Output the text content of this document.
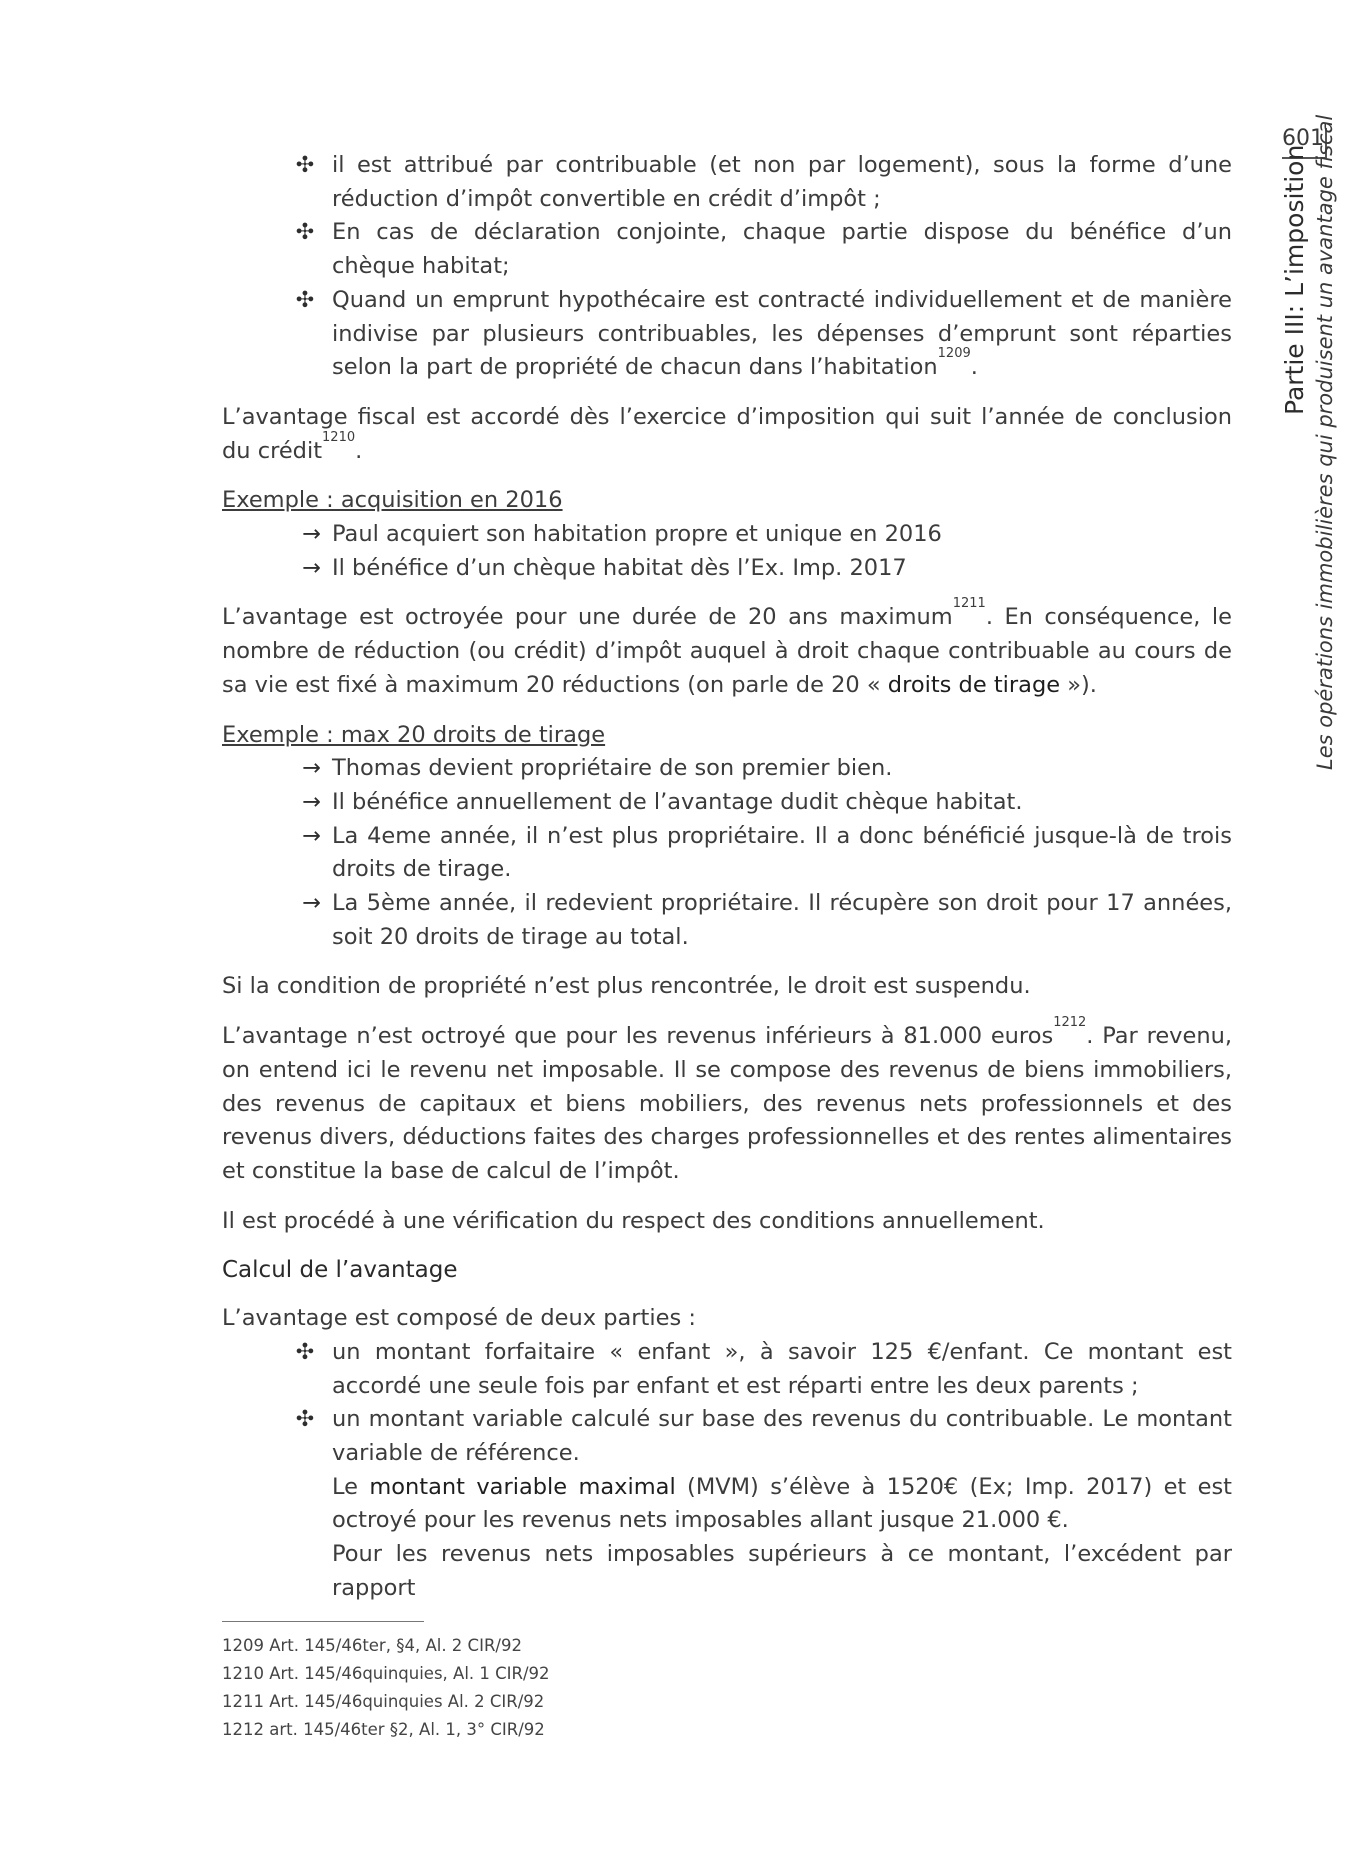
601
Partie III: L’imposition Les opérations immobilières qui produisent un avantage fiscal
✣ il est attribué par contribuable (et non par logement), sous la forme d’une réduction d’impôt convertible en crédit d’impôt ;
✣ En cas de déclaration conjointe, chaque partie dispose du bénéfice d’un chèque habitat;
✣ Quand un emprunt hypothécaire est contracté individuellement et de manière indivise par plusieurs contribuables, les dépenses d’emprunt sont réparties selon la part de propriété de chacun dans l’habitation$^{1209}$.

L’avantage fiscal est accordé dès l’exercice d’imposition qui suit l’année de conclusion du crédit$^{1210}$.

Exemple : acquisition en 2016

→ Paul acquiert son habitation propre et unique en 2016
→ Il bénéfice d’un chèque habitat dès l’Ex. Imp. 2017

L’avantage est octroyée pour une durée de 20 ans maximum$^{1211}$. En conséquence, le nombre de réduction (ou crédit) d’impôt auquel à droit chaque contribuable au cours de sa vie est fixé à maximum 20 réductions (on parle de 20 « droits de tirage »).

Exemple : max 20 droits de tirage

→ Thomas devient propriétaire de son premier bien.
→ Il bénéfice annuellement de l’avantage dudit chèque habitat.
→ La 4eme année, il n’est plus propriétaire. Il a donc bénéficié jusque-là de trois droits de tirage.
→ La 5ème année, il redevient propriétaire. Il récupère son droit pour 17 années, soit 20 droits de tirage au total.

Si la condition de propriété n’est plus rencontrée, le droit est suspendu.

L’avantage n’est octroyé que pour les revenus inférieurs à 81.000 euros$^{1212}$. Par revenu, on entend ici le revenu net imposable. Il se compose des revenus de biens immobiliers, des revenus de capitaux et biens mobiliers, des revenus nets professionnels et des revenus divers, déductions faites des charges professionnelles et des rentes alimentaires et constitue la base de calcul de l’impôt.

Il est procédé à une vérification du respect des conditions annuellement.

Calcul de l’avantage

L’avantage est composé de deux parties :

✣ un montant forfaitaire « enfant », à savoir 125 €/enfant. Ce montant est accordé une seule fois par enfant et est réparti entre les deux parents ;
✣ un montant variable calculé sur base des revenus du contribuable. Le montant variable de référence.

Le montant variable maximal (MVM) s’élève à 1520€ (Ex; Imp. 2017) et est octroyé pour les revenus nets imposables allant jusque 21.000 €.

Pour les revenus nets imposables supérieurs à ce montant, l’excédent par rapport

1209 Art. 145/46ter, §4, Al. 2 CIR/92
1210 Art. 145/46quinquies, Al. 1 CIR/92
1211 Art. 145/46quinquies Al. 2 CIR/92
1212 art. 145/46ter §2, Al. 1, 3° CIR/92
